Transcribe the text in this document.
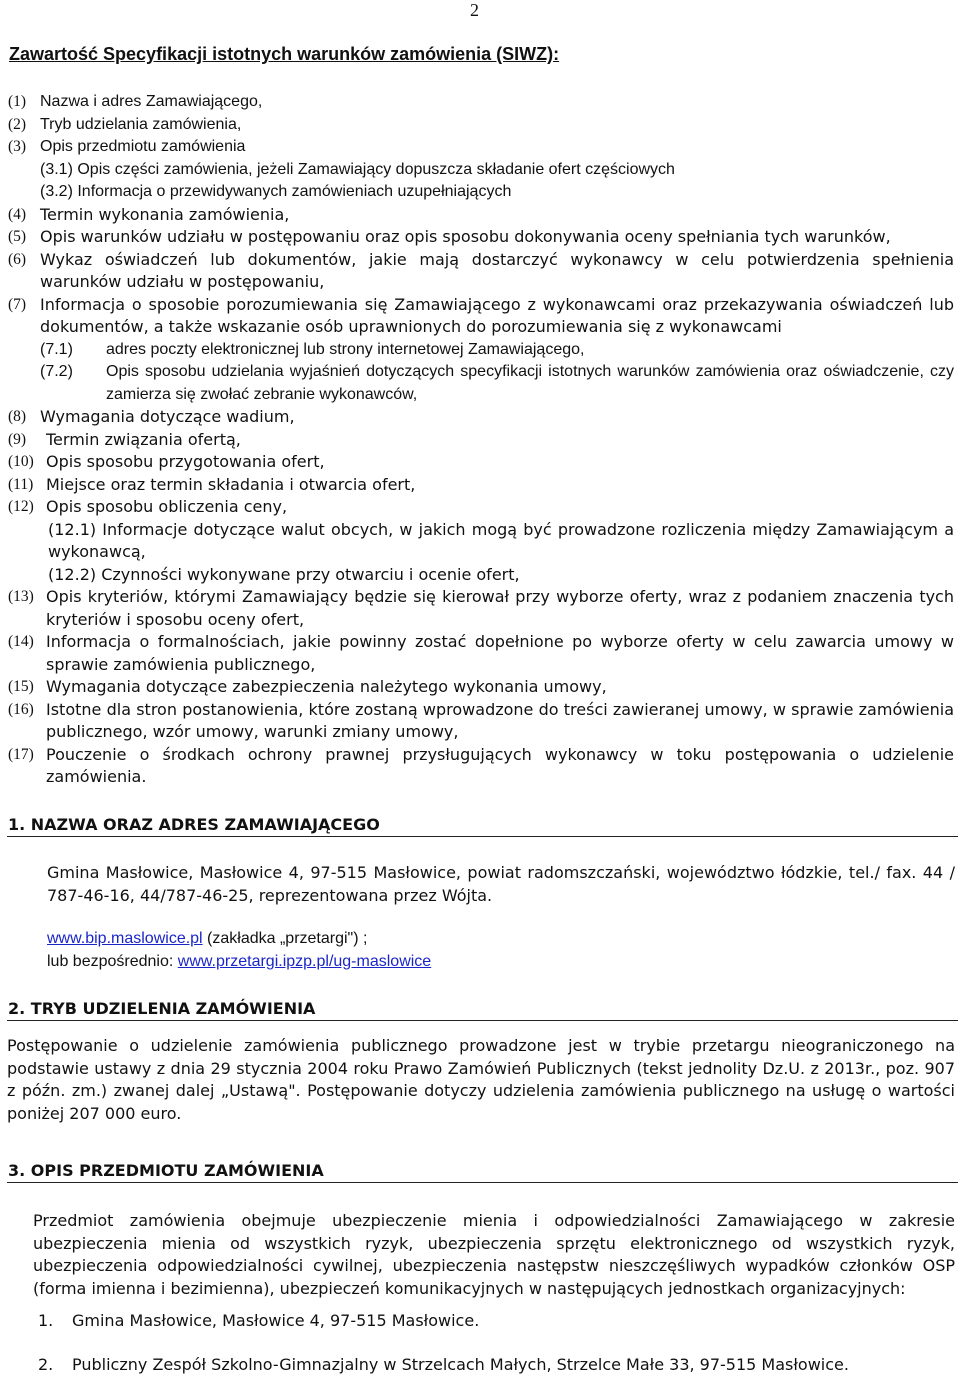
2
Zawartość Specyfikacji istotnych warunków zamówienia (SIWZ):
(1) Nazwa i adres Zamawiającego,
(2) Tryb udzielania zamówienia,
(3) Opis przedmiotu zamówienia
(3.1) Opis części zamówienia, jeżeli Zamawiający dopuszcza składanie ofert częściowych
(3.2) Informacja o przewidywanych zamówieniach uzupełniających
(4) Termin wykonania zamówienia,
(5) Opis warunków udziału w postępowaniu oraz opis sposobu dokonywania oceny spełniania tych warunków,
(6) Wykaz oświadczeń lub dokumentów, jakie mają dostarczyć wykonawcy w celu potwierdzenia spełnienia warunków udziału w postępowaniu,
(7) Informacja o sposobie porozumiewania się Zamawiającego z wykonawcami oraz przekazywania oświadczeń lub dokumentów, a także wskazanie osób uprawnionych do porozumiewania się z wykonawcami
(7.1)	adres poczty elektronicznej lub strony internetowej Zamawiającego,
(7.2)	Opis sposobu udzielania wyjaśnień dotyczących specyfikacji istotnych warunków zamówienia oraz oświadczenie, czy zamierza się zwołać zebranie wykonawców,
(8) Wymagania dotyczące wadium,
(9)	Termin związania ofertą,
(10) Opis sposobu przygotowania ofert,
(11) Miejsce oraz termin składania i otwarcia ofert,
(12) Opis sposobu obliczenia ceny,
(12.1) Informacje dotyczące walut obcych, w jakich mogą być prowadzone rozliczenia między Zamawiającym a wykonawcą,
(12.2) Czynności wykonywane przy otwarciu i ocenie ofert,
(13) Opis kryteriów, którymi Zamawiający będzie się kierował przy wyborze oferty, wraz z podaniem znaczenia tych kryteriów i sposobu oceny ofert,
(14) Informacja o formalnościach, jakie powinny zostać dopełnione po wyborze oferty w celu zawarcia umowy w sprawie zamówienia publicznego,
(15) Wymagania dotyczące zabezpieczenia należytego wykonania umowy,
(16) Istotne dla stron postanowienia, które zostaną wprowadzone do treści zawieranej umowy, w sprawie zamówienia publicznego, wzór umowy, warunki zmiany umowy,
(17) Pouczenie o środkach ochrony prawnej przysługujących wykonawcy w toku postępowania o udzielenie zamówienia.
1. NAZWA ORAZ ADRES ZAMAWIAJĄCEGO
Gmina Masłowice, Masłowice 4, 97-515 Masłowice, powiat radomszczański, województwo łódzkie, tel./ fax. 44 / 787-46-16, 44/787-46-25, reprezentowana przez Wójta.
www.bip.maslowice.pl (zakładka „przetargi") ;
lub bezpośrednio: www.przetargi.ipzp.pl/ug-maslowice
2. TRYB UDZIELENIA ZAMÓWIENIA
Postępowanie o udzielenie zamówienia publicznego prowadzone jest w trybie przetargu nieograniczonego na podstawie ustawy z dnia 29 stycznia 2004 roku Prawo Zamówień Publicznych (tekst jednolity Dz.U. z 2013r., poz. 907 z późn. zm.) zwanej dalej „Ustawą". Postępowanie dotyczy udzielenia zamówienia publicznego na usługę o wartości poniżej 207 000 euro.
3. OPIS PRZEDMIOTU ZAMÓWIENIA
Przedmiot zamówienia obejmuje ubezpieczenie mienia i odpowiedzialności Zamawiającego w zakresie ubezpieczenia mienia od wszystkich ryzyk, ubezpieczenia sprzętu elektronicznego od wszystkich ryzyk, ubezpieczenia odpowiedzialności cywilnej, ubezpieczenia następstw nieszczęśliwych wypadków członków OSP (forma imienna i bezimienna), ubezpieczeń komunikacyjnych w następujących jednostkach organizacyjnych:
1. Gmina Masłowice, Masłowice 4, 97-515 Masłowice.
2. Publiczny Zespół Szkolno-Gimnazjalny w Strzelcach Małych, Strzelce Małe 33, 97-515 Masłowice.
